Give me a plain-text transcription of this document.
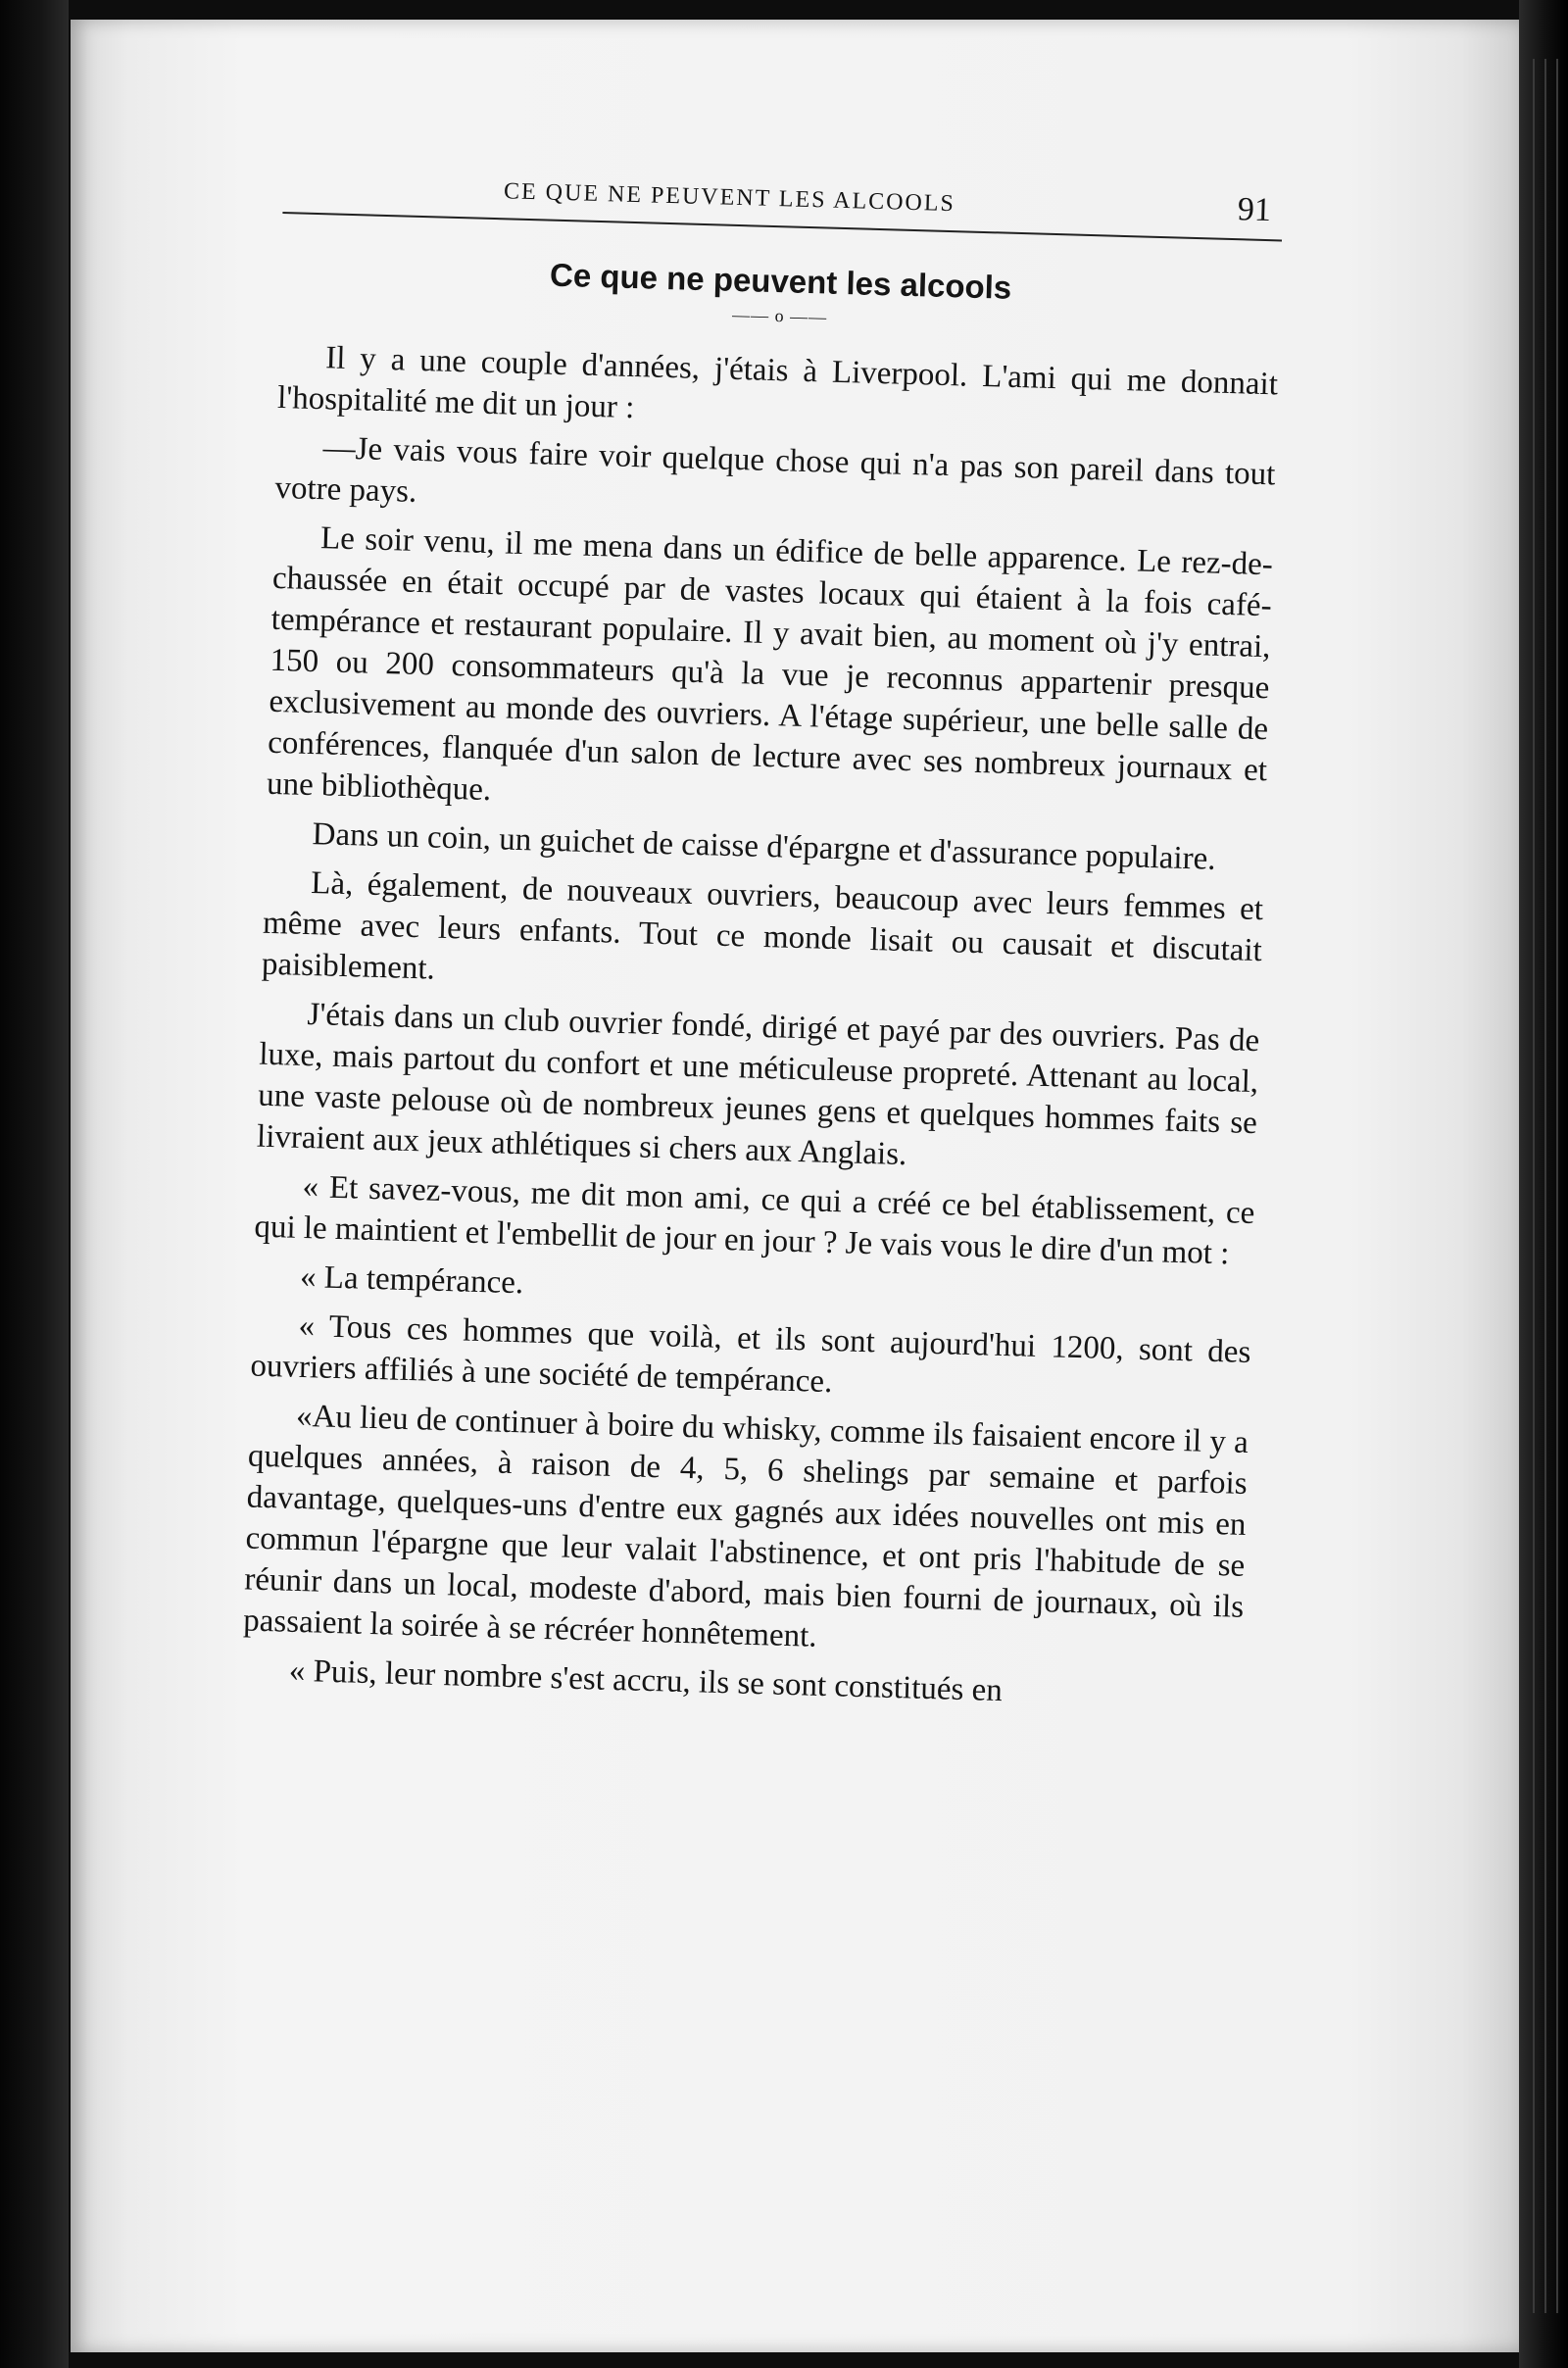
CE QUE NE PEUVENT LES ALCOOLS	91
Ce que ne peuvent les alcools
—— o ——

Il y a une couple d'années, j'étais à Liverpool. L'ami qui me donnait l'hospitalité me dit un jour :

—Je vais vous faire voir quelque chose qui n'a pas son pareil dans tout votre pays.

Le soir venu, il me mena dans un édifice de belle apparence. Le rez-de-chaussée en était occupé par de vastes locaux qui étaient à la fois café-tempérance et restaurant populaire. Il y avait bien, au moment où j'y entrai, 150 ou 200 consommateurs qu'à la vue je reconnus appartenir presque exclusivement au monde des ouvriers. A l'étage supérieur, une belle salle de conférences, flanquée d'un salon de lecture avec ses nombreux journaux et une bibliothèque.

Dans un coin, un guichet de caisse d'épargne et d'assurance populaire.

Là, également, de nouveaux ouvriers, beaucoup avec leurs femmes et même avec leurs enfants. Tout ce monde lisait ou causait et discutait paisiblement.

J'étais dans un club ouvrier fondé, dirigé et payé par des ouvriers. Pas de luxe, mais partout du confort et une méticuleuse propreté. Attenant au local, une vaste pelouse où de nombreux jeunes gens et quelques hommes faits se livraient aux jeux athlétiques si chers aux Anglais.

« Et savez-vous, me dit mon ami, ce qui a créé ce bel établissement, ce qui le maintient et l'embellit de jour en jour ? Je vais vous le dire d'un mot :

« La tempérance.

« Tous ces hommes que voilà, et ils sont aujourd'hui 1200, sont des ouvriers affiliés à une société de tempérance.

«Au lieu de continuer à boire du whisky, comme ils faisaient encore il y a quelques années, à raison de 4, 5, 6 shelings par semaine et parfois davantage, quelques-uns d'entre eux gagnés aux idées nouvelles ont mis en commun l'épargne que leur valait l'abstinence, et ont pris l'habitude de se réunir dans un local, modeste d'abord, mais bien fourni de journaux, où ils passaient la soirée à se récréer honnêtement.

« Puis, leur nombre s'est accru, ils se sont constitués en
